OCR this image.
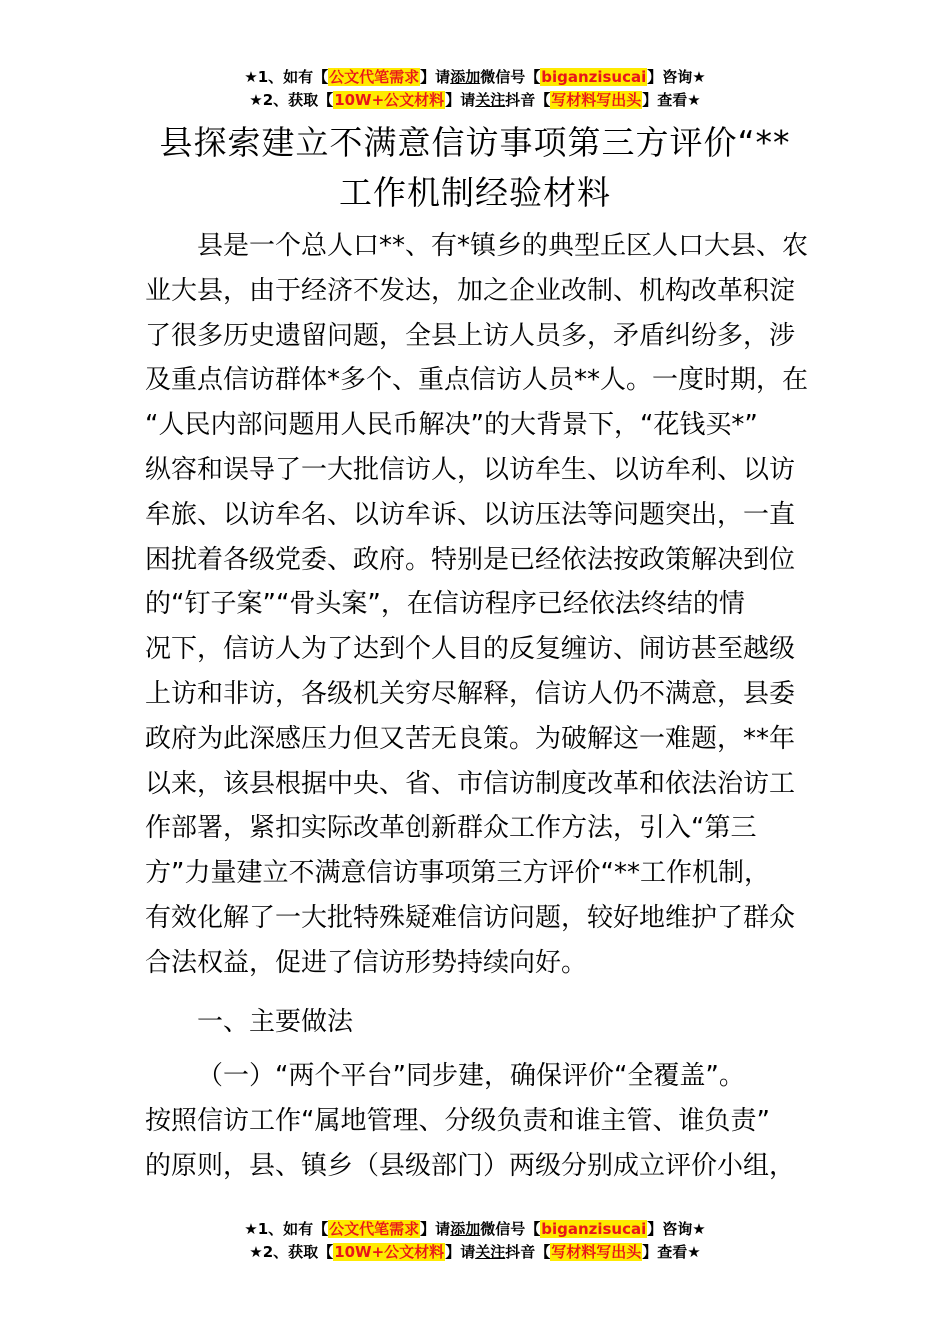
★1、如有【公文代笔需求】请添加微信号【biganzisucai】咨询★
★2、获取【10W+公文材料】请关注抖音【写材料写出头】查看★
县探索建立不满意信访事项第三方评价“**
工作机制经验材料
县是一个总人口**、有*镇乡的典型丘区人口大县、农
业大县，由于经济不发达，加之企业改制、机构改革积淀
了很多历史遗留问题，全县上访人员多，矛盾纠纷多，涉
及重点信访群体*多个、重点信访人员**人。一度时期，在
“人民内部问题用人民币解决”的大背景下，“花钱买*”
纵容和误导了一大批信访人，以访牟生、以访牟利、以访
牟旅、以访牟名、以访牟诉、以访压法等问题突出，一直
困扰着各级党委、政府。特别是已经依法按政策解决到位
的“钉子案”“骨头案”，在信访程序已经依法终结的情
况下，信访人为了达到个人目的反复缠访、闹访甚至越级
上访和非访，各级机关穷尽解释，信访人仍不满意，县委
政府为此深感压力但又苦无良策。为破解这一难题，**年
以来，该县根据中央、省、市信访制度改革和依法治访工
作部署，紧扣实际改革创新群众工作方法，引入“第三
方”力量建立不满意信访事项第三方评价“**工作机制，
有效化解了一大批特殊疑难信访问题，较好地维护了群众
合法权益，促进了信访形势持续向好。
一、主要做法
（一）“两个平台”同步建，确保评价“全覆盖”。
按照信访工作“属地管理、分级负责和谁主管、谁负责”
的原则，县、镇乡（县级部门）两级分别成立评价小组，
★1、如有【公文代笔需求】请添加微信号【biganzisucai】咨询★
★2、获取【10W+公文材料】请关注抖音【写材料写出头】查看★
